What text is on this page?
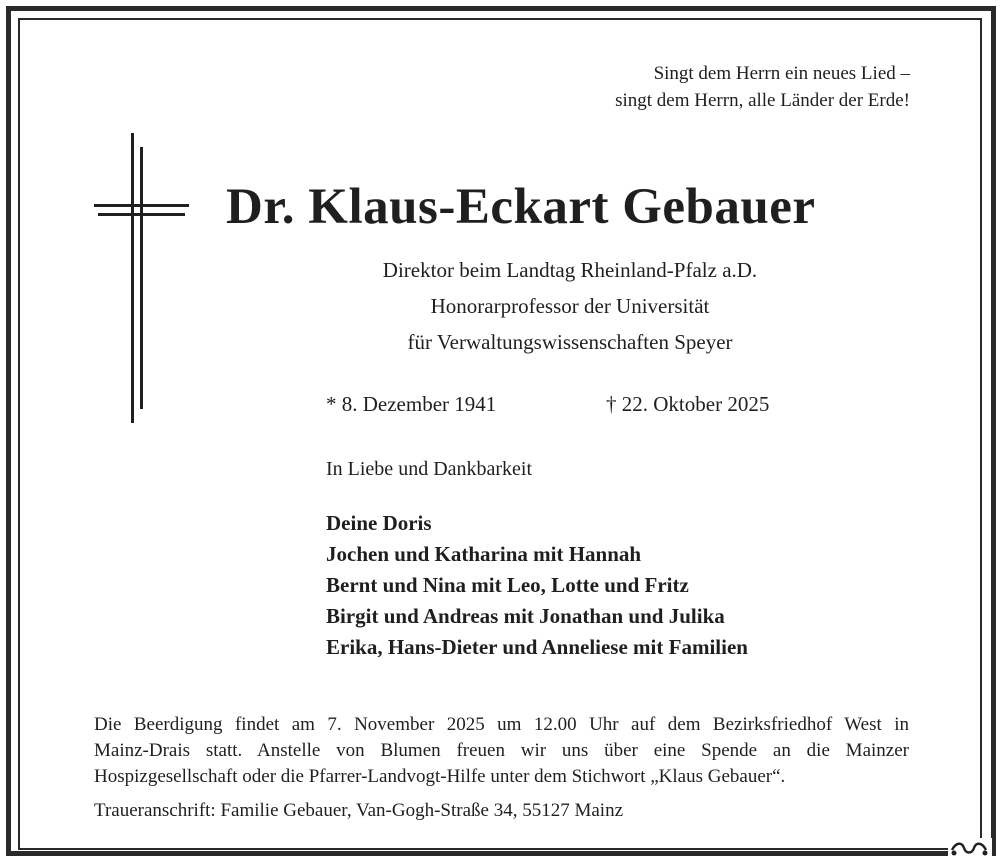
Singt dem Herrn ein neues Lied –
singt dem Herrn, alle Länder der Erde!
Dr. Klaus-Eckart Gebauer
Direktor beim Landtag Rheinland-Pfalz a.D.
Honorarprofessor der Universität
für Verwaltungswissenschaften Speyer
* 8. Dezember 1941	† 22. Oktober 2025
In Liebe und Dankbarkeit
Deine Doris
Jochen und Katharina mit Hannah
Bernt und Nina mit Leo, Lotte und Fritz
Birgit und Andreas mit Jonathan und Julika
Erika, Hans-Dieter und Anneliese mit Familien
Die Beerdigung findet am 7. November 2025 um 12.00 Uhr auf dem Bezirksfriedhof West in
Mainz-Drais statt. Anstelle von Blumen freuen wir uns über eine Spende an die Mainzer
Hospizgesellschaft oder die Pfarrer-Landvogt-Hilfe unter dem Stichwort „Klaus Gebauer“.
Traueranschrift: Familie Gebauer, Van-Gogh-Straße 34, 55127 Mainz
